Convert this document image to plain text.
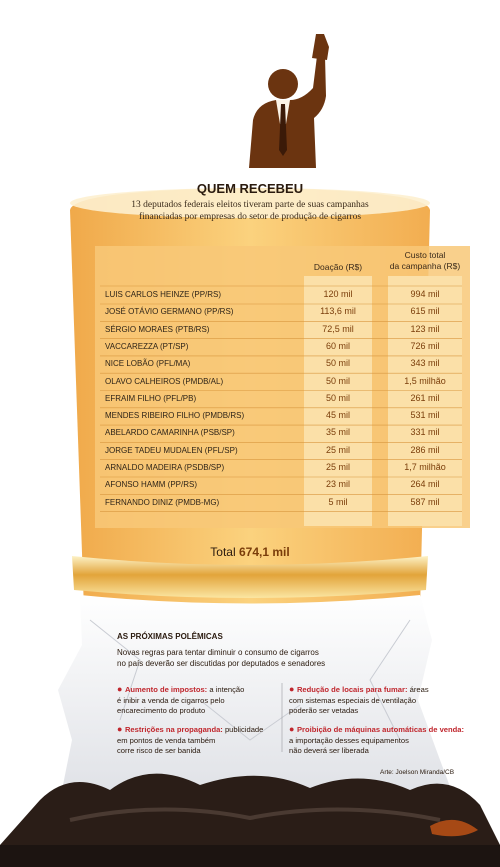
QUEM RECEBEU
13 deputados federais eleitos tiveram parte de suas campanhas
financiadas por empresas do setor de produção de cigarros
Doação (R$)
Custo total
da campanha (R$)
LUIS CARLOS HEINZE (PP/RS)	120 mil	994 mil
JOSÉ OTÁVIO GERMANO (PP/RS)	113,6 mil	615 mil
SÉRGIO MORAES (PTB/RS)	72,5 mil	123 mil
VACCAREZZA (PT/SP)	60 mil	726 mil
NICE LOBÃO (PFL/MA)	50 mil	343 mil
OLAVO CALHEIROS (PMDB/AL)	50 mil	1,5 milhão
EFRAIM FILHO (PFL/PB)	50 mil	261 mil
MENDES RIBEIRO FILHO (PMDB/RS)	45 mil	531 mil
ABELARDO CAMARINHA (PSB/SP)	35 mil	331 mil
JORGE TADEU MUDALEN (PFL/SP)	25 mil	286 mil
ARNALDO MADEIRA (PSDB/SP)	25 mil	1,7 milhão
AFONSO HAMM (PP/RS)	23 mil	264 mil
FERNANDO DINIZ (PMDB-MG)	5 mil	587 mil
Total 674,1 mil
AS PRÓXIMAS POLÊMICAS
Novas regras para tentar diminuir o consumo de cigarros
no país deverão ser discutidas por deputados e senadores
● Aumento de impostos: a intenção
é inibir a venda de cigarros pelo
encarecimento do produto
● Redução de locais para fumar: áreas
com sistemas especiais de ventilação
poderão ser vetadas
● Restrições na propaganda: publicidade
em pontos de venda também
corre risco de ser banida
● Proibição de máquinas automáticas de venda:
a importação desses equipamentos
não deverá ser liberada
Arte: Joelson Miranda/CB
